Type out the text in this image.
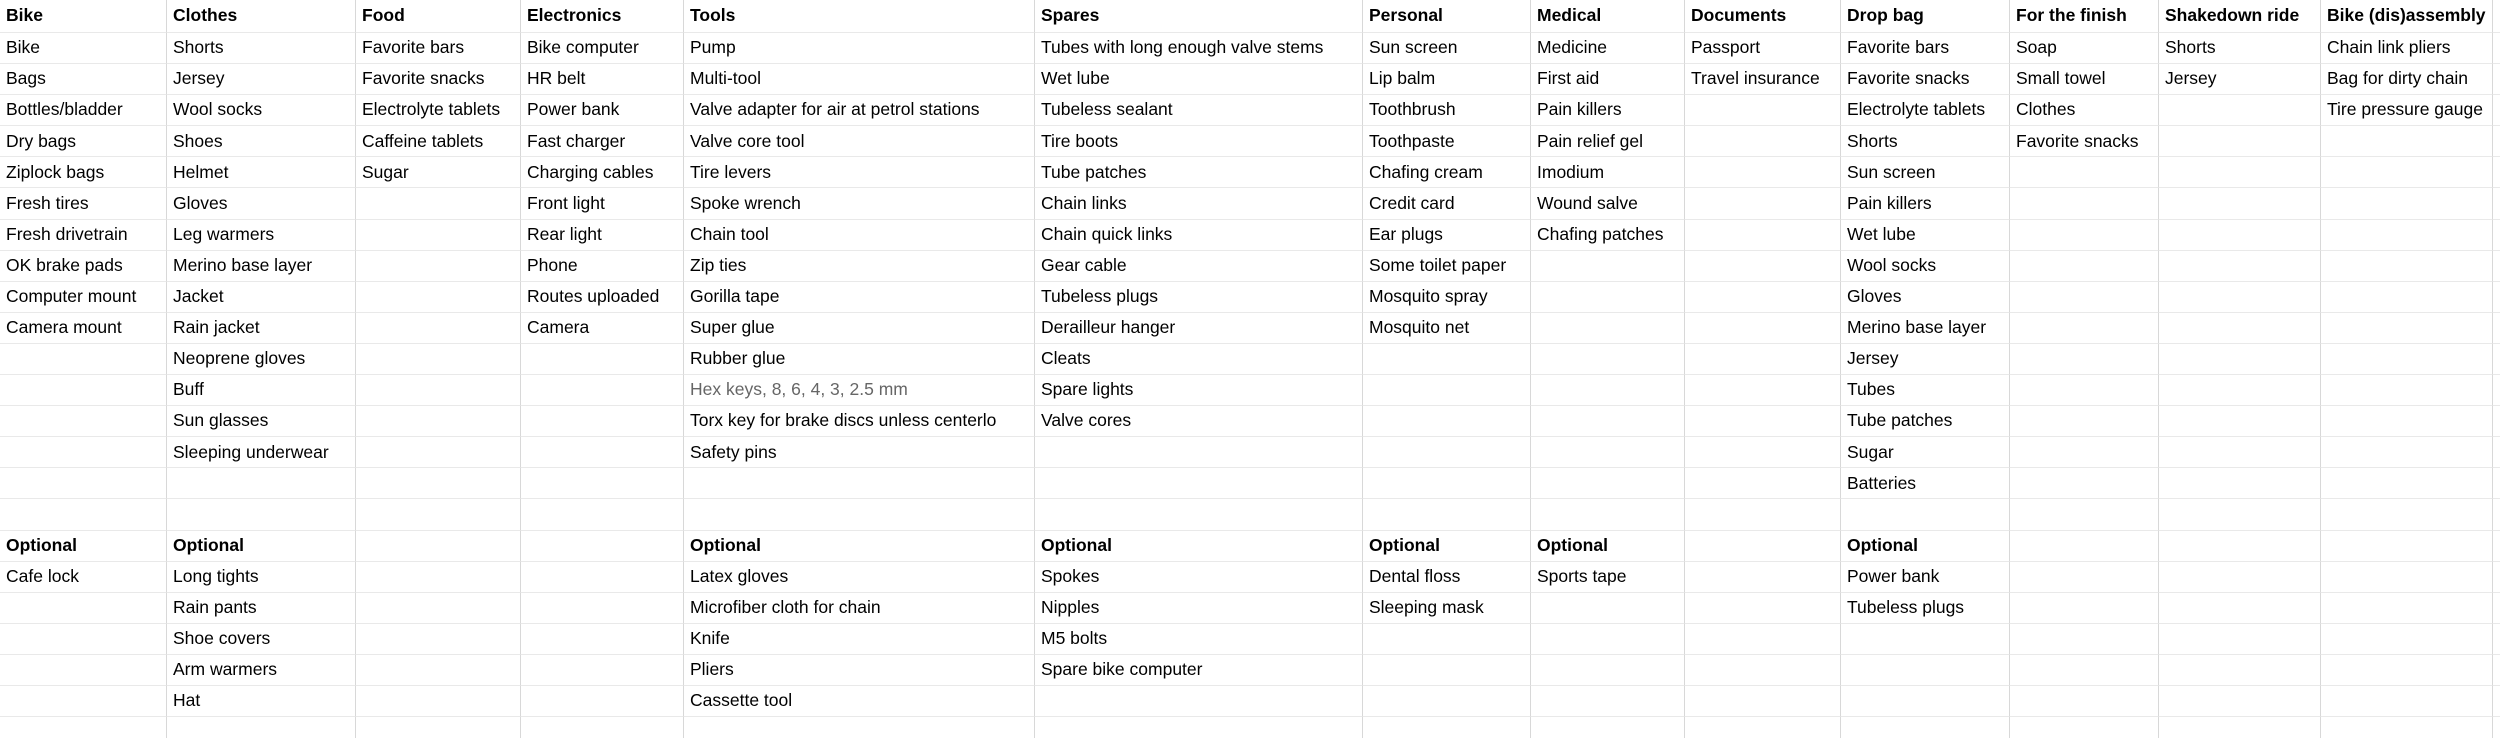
Bike
Bike
Bags
Bottles/bladder
Dry bags
Ziplock bags
Fresh tires
Fresh drivetrain
OK brake pads
Computer mount
Camera mount
Optional
Cafe lock
Clothes
Shorts
Jersey
Wool socks
Shoes
Helmet
Gloves
Leg warmers
Merino base layer
Jacket
Rain jacket
Neoprene gloves
Buff
Sun glasses
Sleeping underwear
Optional
Long tights
Rain pants
Shoe covers
Arm warmers
Hat
Food
Favorite bars
Favorite snacks
Electrolyte tablets
Caffeine tablets
Sugar
Electronics
Bike computer
HR belt
Power bank
Fast charger
Charging cables
Front light
Rear light
Phone
Routes uploaded
Camera
Tools
Pump
Multi-tool
Valve adapter for air at petrol stations
Valve core tool
Tire levers
Spoke wrench
Chain tool
Zip ties
Gorilla tape
Super glue
Rubber glue
Hex keys, 8, 6, 4, 3, 2.5 mm
Torx key for brake discs unless centerlo
Safety pins
Optional
Latex gloves
Microfiber cloth for chain
Knife
Pliers
Cassette tool
Spares
Tubes with long enough valve stems
Wet lube
Tubeless sealant
Tire boots
Tube patches
Chain links
Chain quick links
Gear cable
Tubeless plugs
Derailleur hanger
Cleats
Spare lights
Valve cores
Optional
Spokes
Nipples
M5 bolts
Spare bike computer
Personal
Sun screen
Lip balm
Toothbrush
Toothpaste
Chafing cream
Credit card
Ear plugs
Some toilet paper
Mosquito spray
Mosquito net
Optional
Dental floss
Sleeping mask
Medical
Medicine
First aid
Pain killers
Pain relief gel
Imodium
Wound salve
Chafing patches
Optional
Sports tape
Documents
Passport
Travel insurance
Drop bag
Favorite bars
Favorite snacks
Electrolyte tablets
Shorts
Sun screen
Pain killers
Wet lube
Wool socks
Gloves
Merino base layer
Jersey
Tubes
Tube patches
Sugar
Batteries
Optional
Power bank
Tubeless plugs
For the finish
Soap
Small towel
Clothes
Favorite snacks
Shakedown ride
Shorts
Jersey
Bike (dis)assembly
Chain link pliers
Bag for dirty chain
Tire pressure gauge
